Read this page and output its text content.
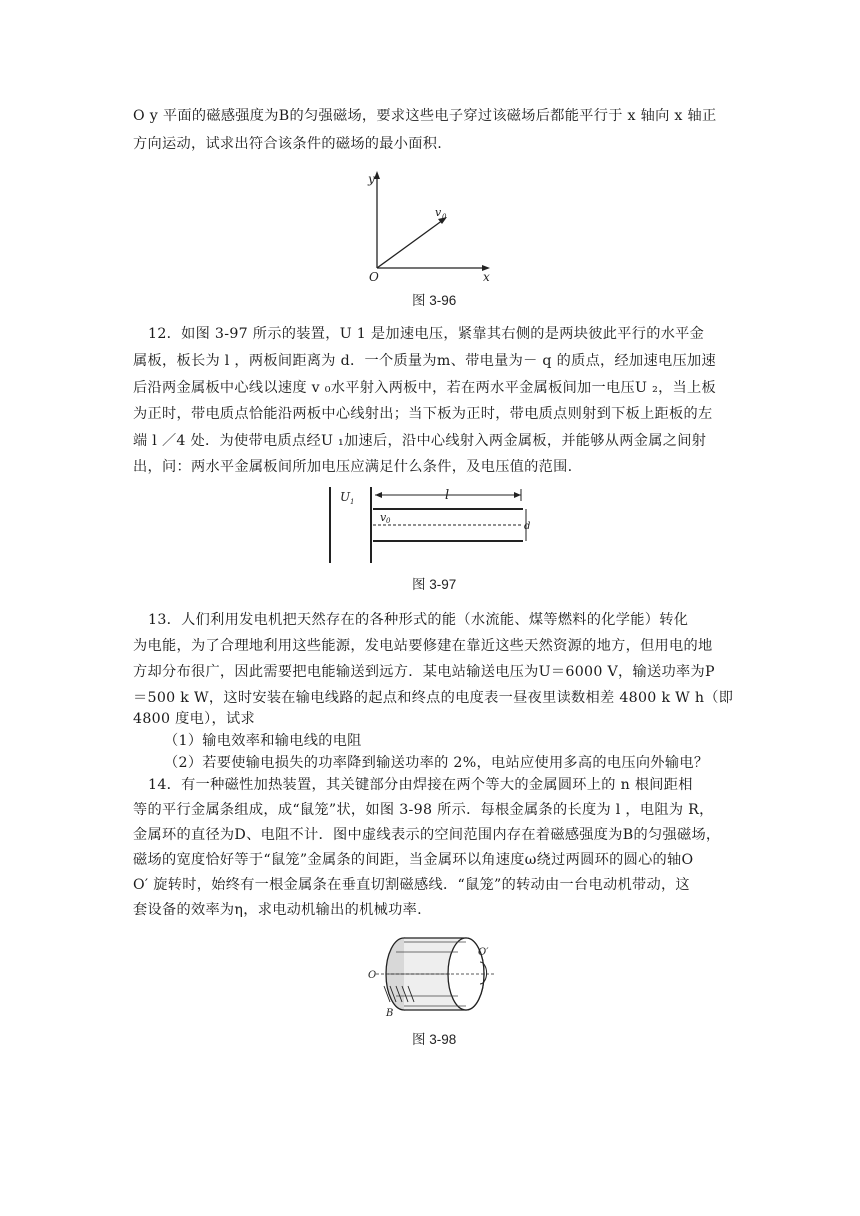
O y 平面的磁感强度为B的匀强磁场，要求这些电子穿过该磁场后都能平行于 x 轴向 x 轴正
方向运动，试求出符合该条件的磁场的最小面积.
y
x
O
v 0
图 3-96
12．如图 3-97 所示的装置，U 1 是加速电压，紧靠其右侧的是两块彼此平行的水平金
属板，板长为 l ，两板间距离为 d．一个质量为m、带电量为－ q 的质点，经加速电压加速
后沿两金属板中心线以速度 v ₀水平射入两板中，若在两水平金属板间加一电压U ₂，当上板
为正时，带电质点恰能沿两板中心线射出；当下板为正时，带电质点则射到下板上距板的左
端 l ／4 处．为使带电质点经U ₁加速后，沿中心线射入两金属板，并能够从两金属之间射
出，问：两水平金属板间所加电压应满足什么条件，及电压值的范围.
U 1	l
v 0	d
图 3-97
13．人们利用发电机把天然存在的各种形式的能（水流能、煤等燃料的化学能）转化
为电能，为了合理地利用这些能源，发电站要修建在靠近这些天然资源的地方，但用电的地
方却分布很广，因此需要把电能输送到远方．某电站输送电压为U＝6000 V，输送功率为P
＝500 k W，这时安装在输电线路的起点和终点的电度表一昼夜里读数相差 4800 k W h（即
4800 度电），试求
（1）输电效率和输电线的电阻
（2）若要使输电损失的功率降到输送功率的 2%，电站应使用多高的电压向外输电？
14．有一种磁性加热装置，其关键部分由焊接在两个等大的金属圆环上的 n 根间距相
等的平行金属条组成，成“鼠笼”状，如图 3-98 所示．每根金属条的长度为 l ，电阻为 R，
金属环的直径为D、电阻不计．图中虚线表示的空间范围内存在着磁感强度为B的匀强磁场，
磁场的宽度恰好等于“鼠笼”金属条的间距，当金属环以角速度ω绕过两圆环的圆心的轴O
O′ 旋转时，始终有一根金属条在垂直切割磁感线．“鼠笼”的转动由一台电动机带动，这
套设备的效率为η，求电动机输出的机械功率.
O
O′
B
图 3-98
